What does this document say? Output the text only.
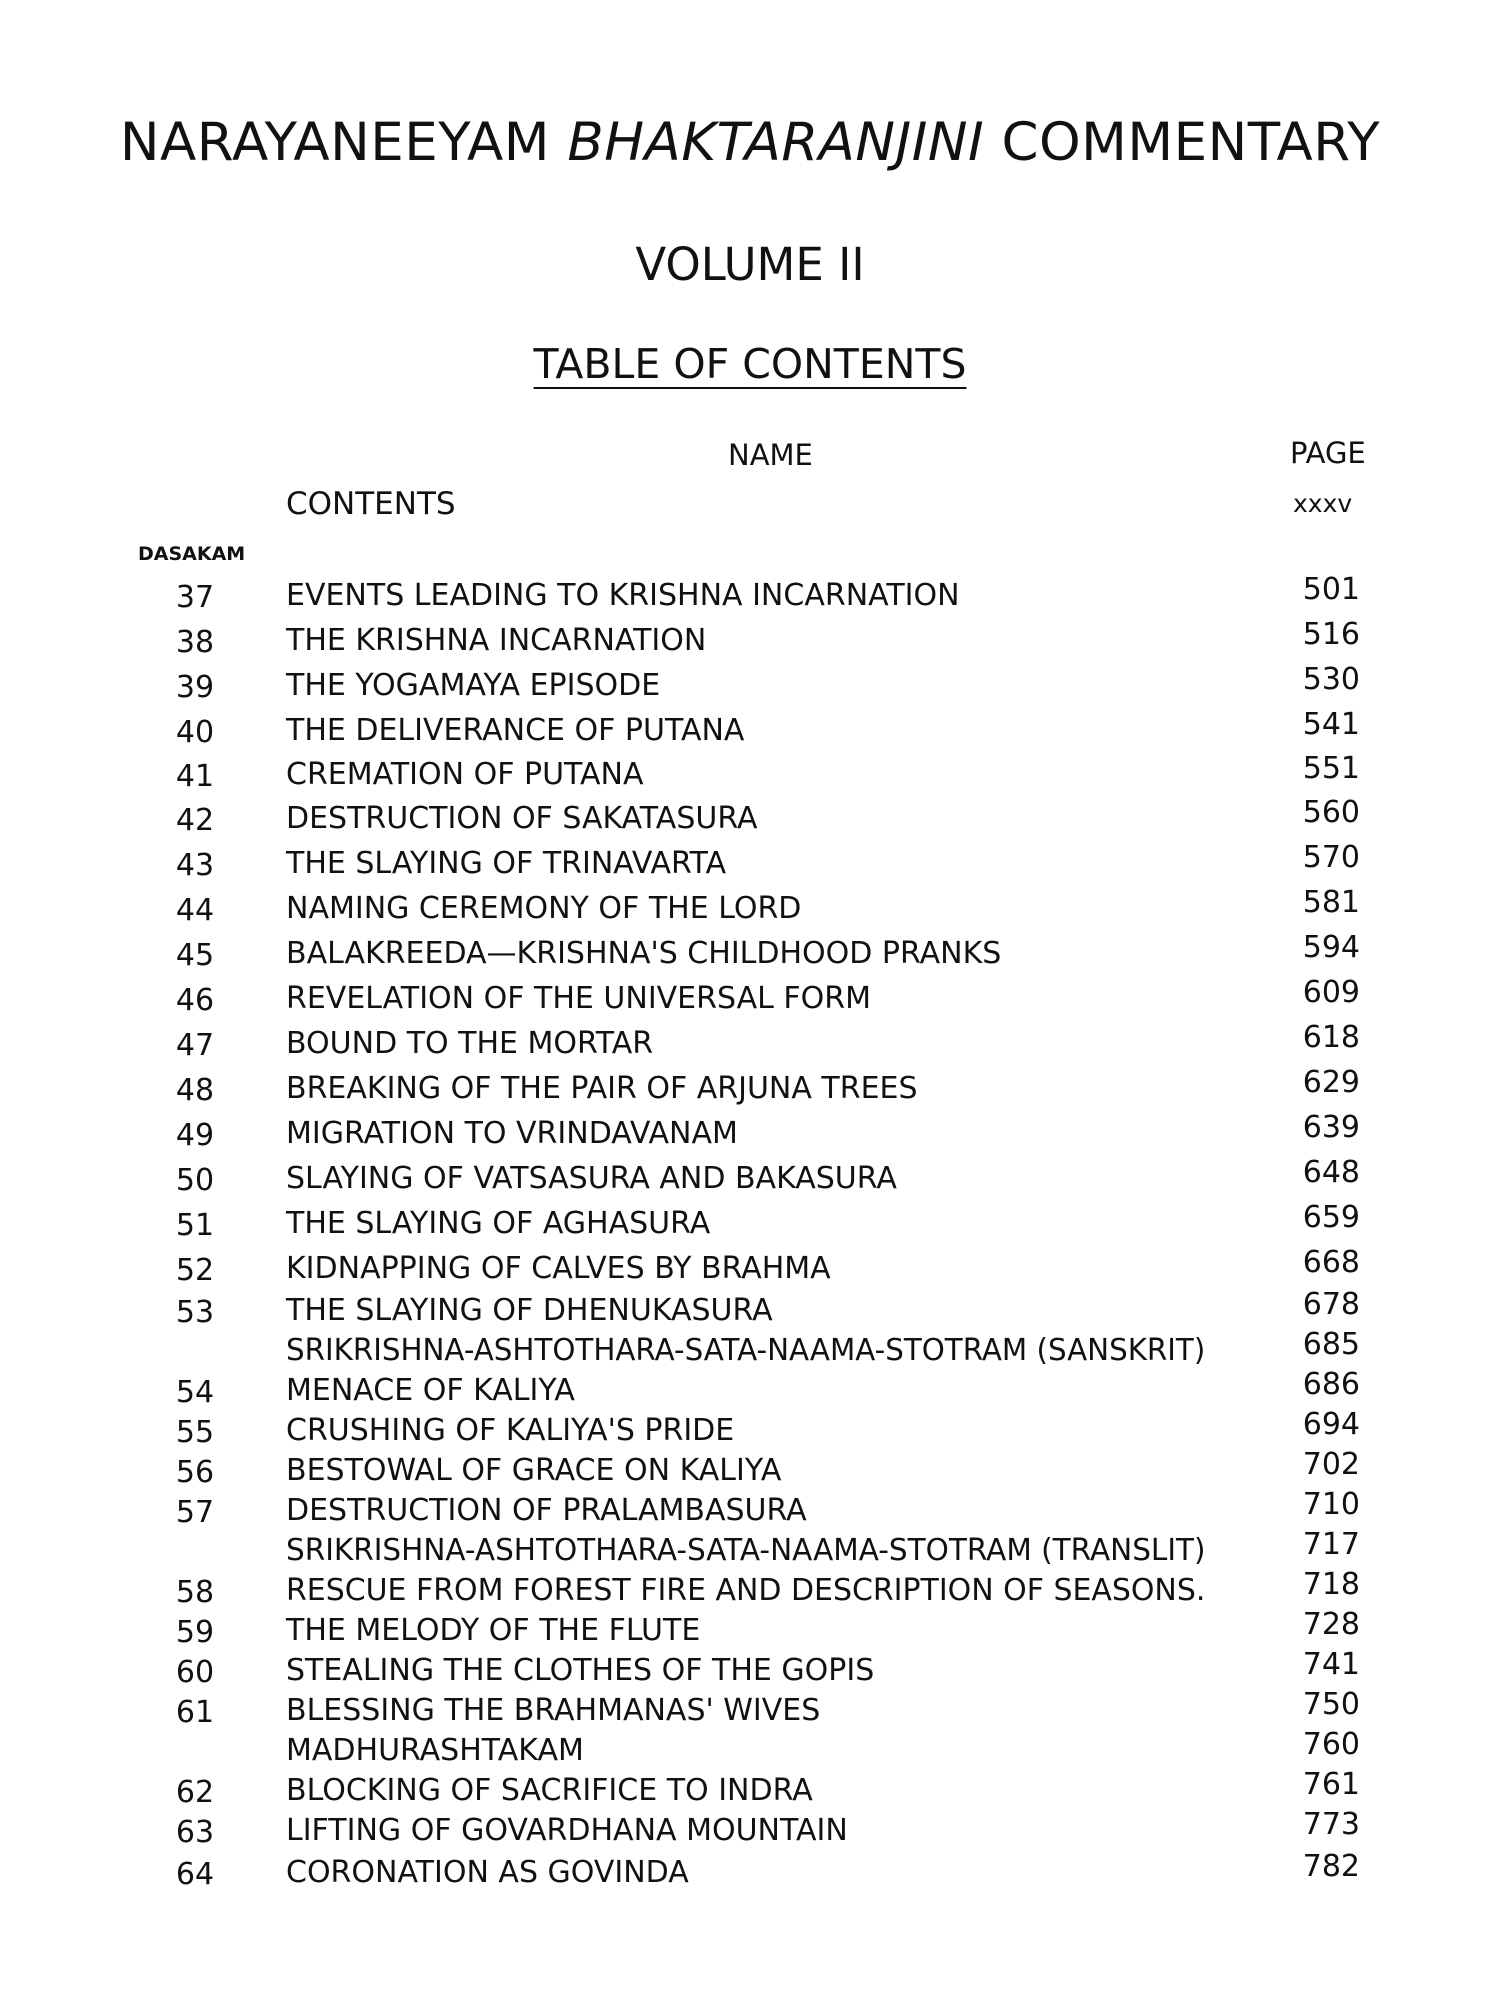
NARAYANEEYAM BHAKTARANJINI COMMENTARY
VOLUME II
TABLE OF CONTENTS
NAME	PAGE
CONTENTS	xxxv
DASAKAM
37	EVENTS LEADING TO KRISHNA INCARNATION	501
38	THE KRISHNA INCARNATION	516
39	THE YOGAMAYA EPISODE	530
40	THE DELIVERANCE OF PUTANA	541
41	CREMATION OF PUTANA	551
42	DESTRUCTION OF SAKATASURA	560
43	THE SLAYING OF TRINAVARTA	570
44	NAMING CEREMONY OF THE LORD	581
45	BALAKREEDA—KRISHNA'S CHILDHOOD PRANKS	594
46	REVELATION OF THE UNIVERSAL FORM	609
47	BOUND TO THE MORTAR	618
48	BREAKING OF THE PAIR OF ARJUNA TREES	629
49	MIGRATION TO VRINDAVANAM	639
50	SLAYING OF VATSASURA AND BAKASURA	648
51	THE SLAYING OF AGHASURA	659
52	KIDNAPPING OF CALVES BY BRAHMA	668
53	THE SLAYING OF DHENUKASURA	678
SRIKRISHNA-ASHTOTHARA-SATA-NAAMA-STOTRAM (SANSKRIT)	685
54	MENACE OF KALIYA	686
55	CRUSHING OF KALIYA'S PRIDE	694
56	BESTOWAL OF GRACE ON KALIYA	702
57	DESTRUCTION OF PRALAMBASURA	710
SRIKRISHNA-ASHTOTHARA-SATA-NAAMA-STOTRAM (TRANSLIT)	717
58	RESCUE FROM FOREST FIRE AND DESCRIPTION OF SEASONS.	718
59	THE MELODY OF THE FLUTE	728
60	STEALING THE CLOTHES OF THE GOPIS	741
61	BLESSING THE BRAHMANAS' WIVES	750
MADHURASHTAKAM	760
62	BLOCKING OF SACRIFICE TO INDRA	761
63	LIFTING OF GOVARDHANA MOUNTAIN	773
64	CORONATION AS GOVINDA	782
